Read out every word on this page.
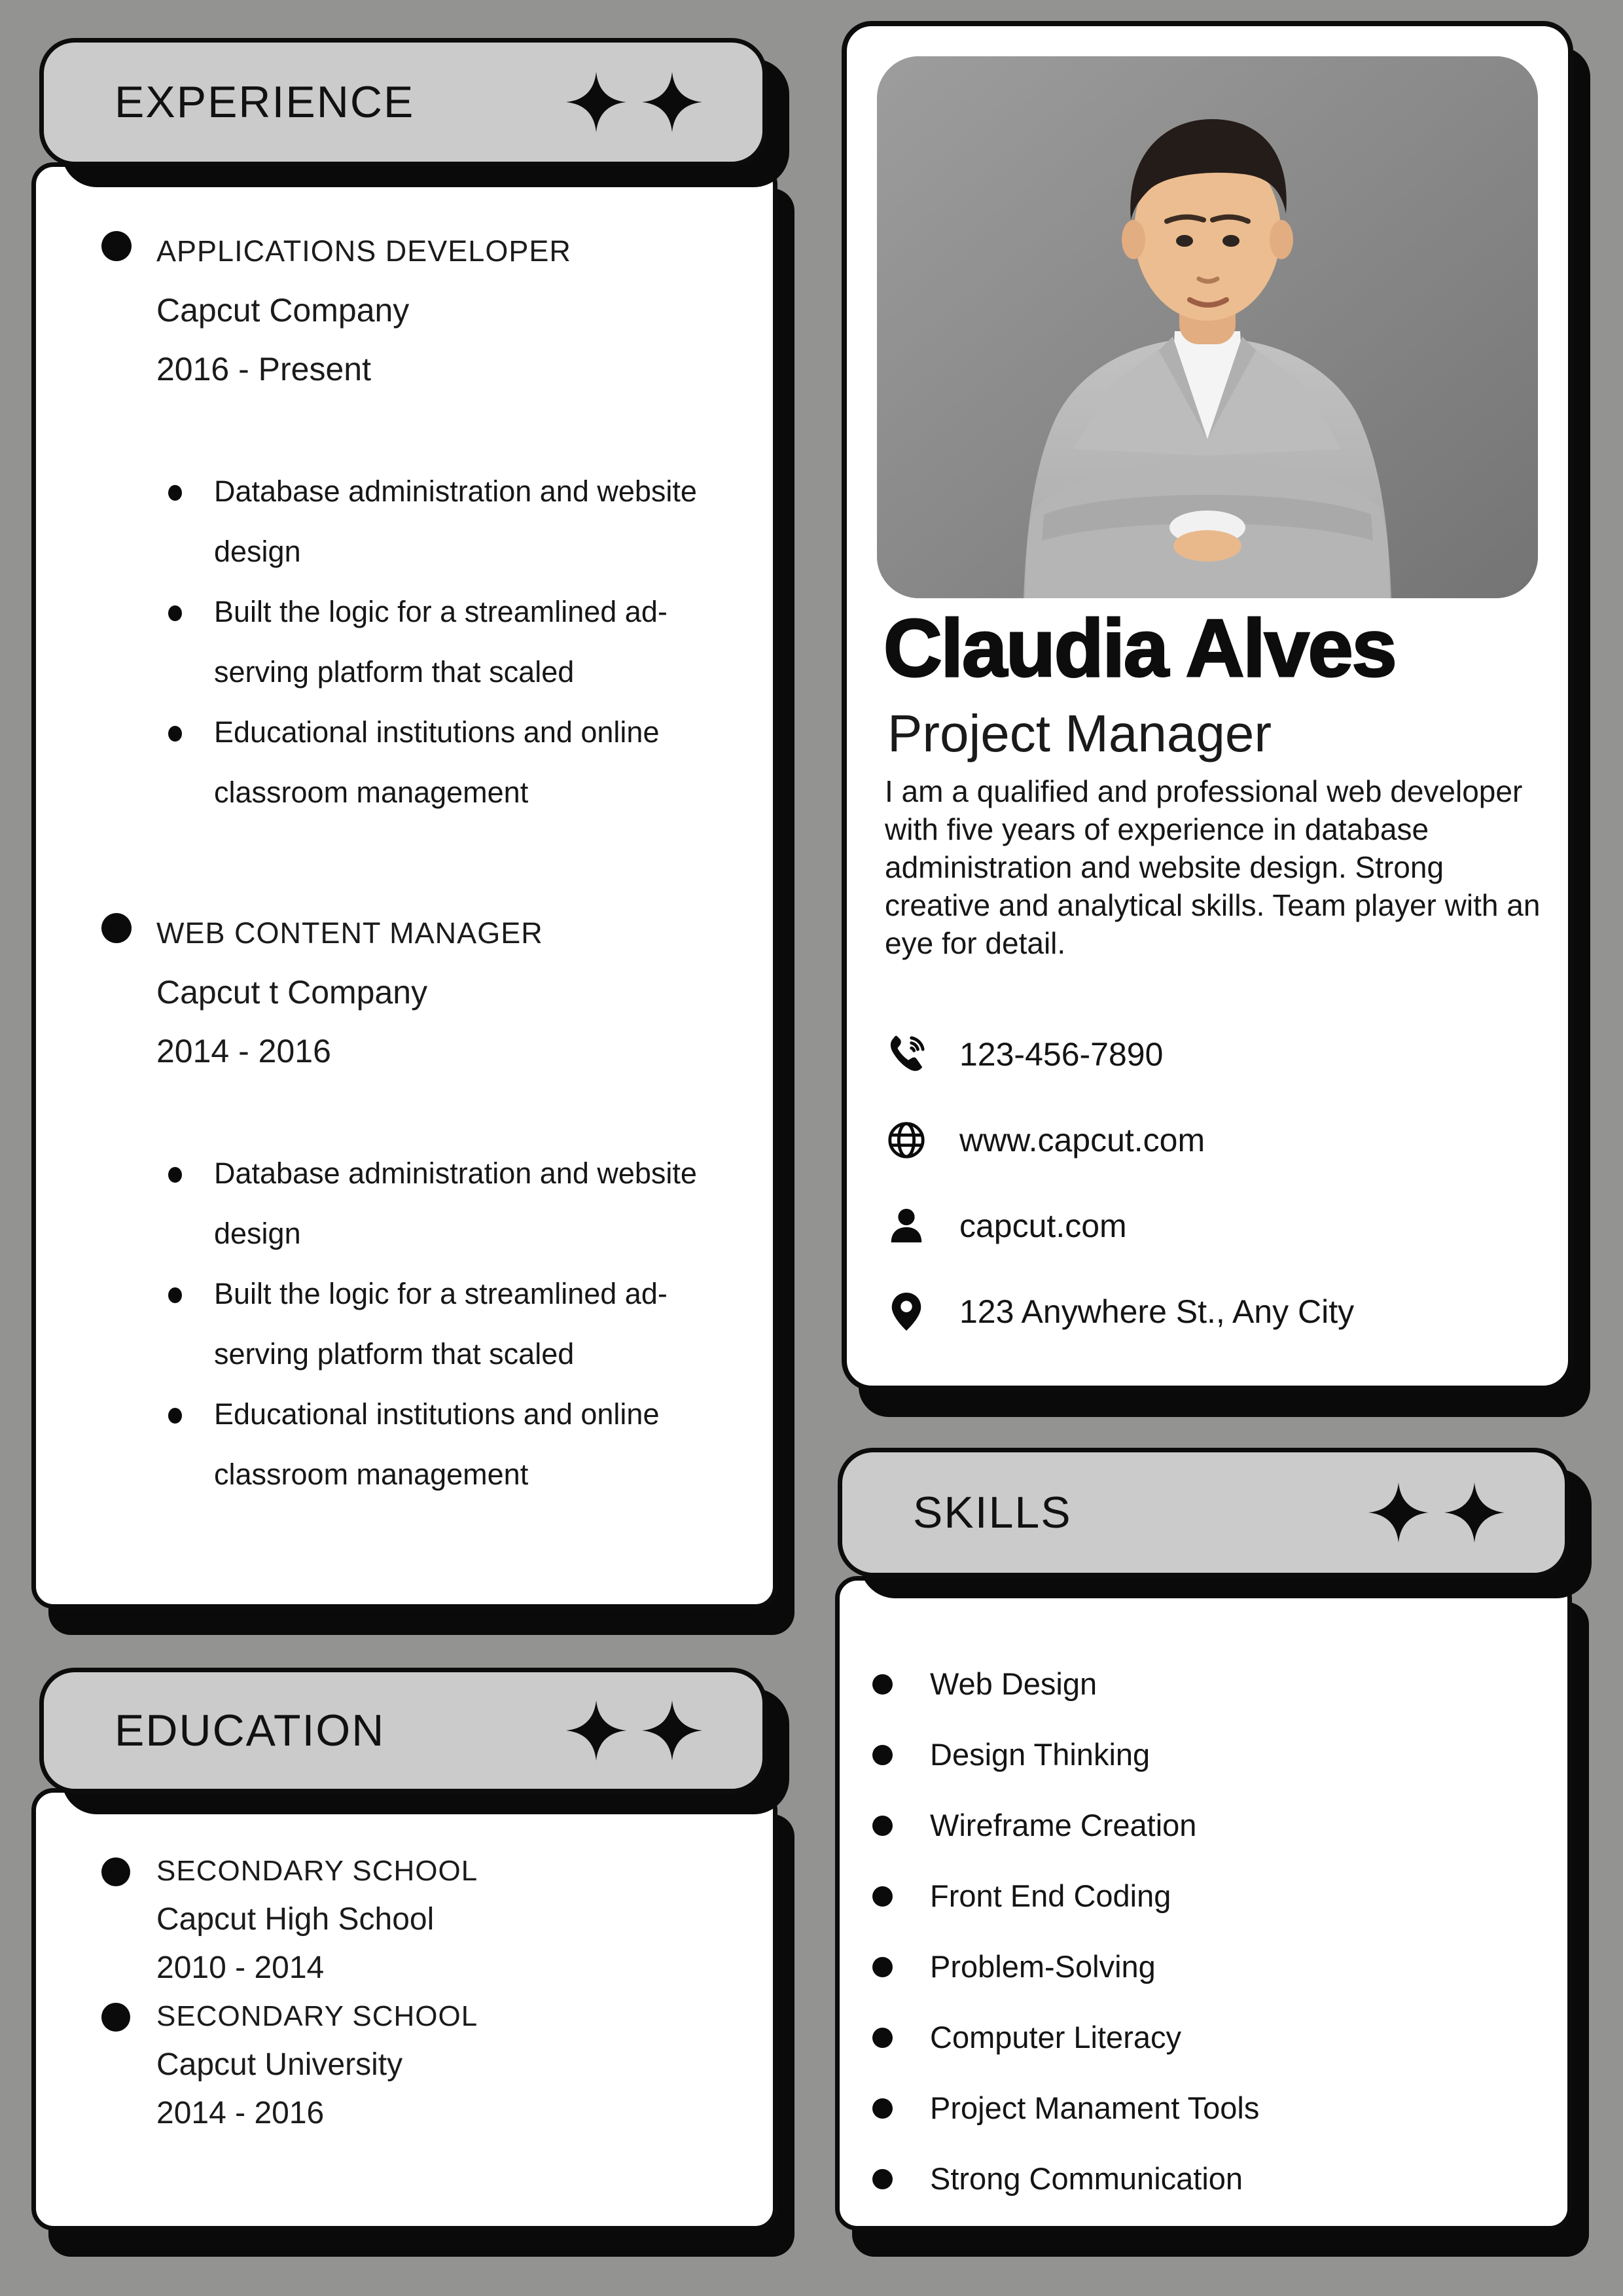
EXPERIENCE
APPLICATIONS DEVELOPER
Capcut Company
2016 - Present
Database administration and website design
Built the logic for a streamlined ad-serving platform that scaled
Educational institutions and online classroom management
WEB CONTENT MANAGER
Capcut t Company
2014 - 2016
Database administration and website design
Built the logic for a streamlined ad-serving platform that scaled
Educational institutions and online classroom management
EDUCATION
SECONDARY SCHOOL
Capcut High School
2010 - 2014
SECONDARY SCHOOL
Capcut University
2014 - 2016
Claudia Alves
Project Manager
I am a qualified and professional web developer with five years of experience in database administration and website design. Strong creative and analytical skills. Team player with an eye for detail.
123-456-7890
www.capcut.com
capcut.com
123 Anywhere St., Any City
SKILLS
Web Design
Design Thinking
Wireframe Creation
Front End Coding
Problem-Solving
Computer Literacy
Project Manament Tools
Strong Communication
